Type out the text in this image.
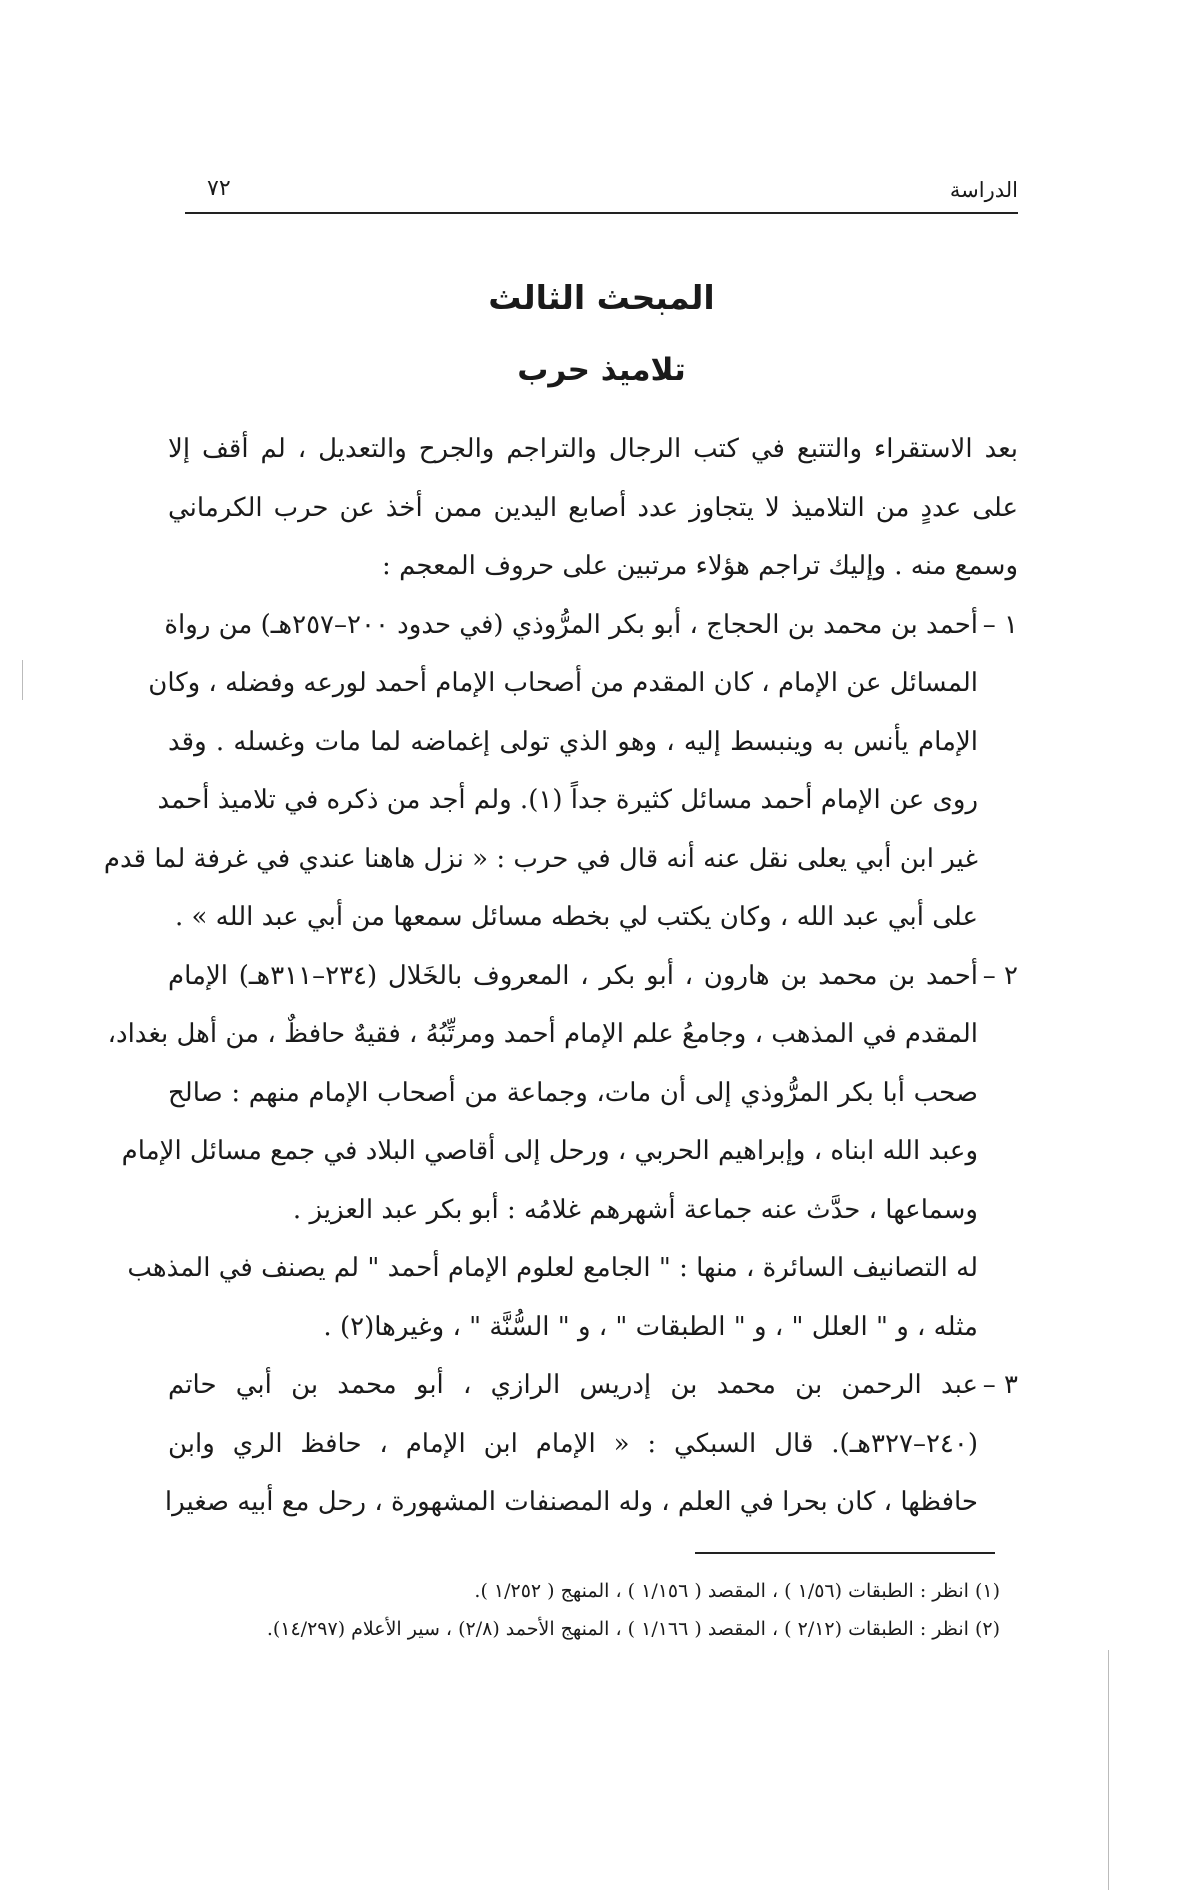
الدراسة
٧٢
المبحث الثالث
تلاميذ حرب
بعد الاستقراء والتتبع في كتب الرجال والتراجم والجرح والتعديل ، لم أقف إلا
على عددٍ من التلاميذ لا يتجاوز عدد أصابع اليدين ممن أخذ عن حرب الكرماني
وسمع منه . وإليك تراجم هؤلاء مرتبين على حروف المعجم :
١ –
أحمد بن محمد بن الحجاج ، أبو بكر المرُّوذي (في حدود ٢٠٠–٢٥٧هـ) من رواة
المسائل عن الإمام ، كان المقدم من أصحاب الإمام أحمد لورعه وفضله ، وكان
الإمام يأنس به وينبسط إليه ، وهو الذي تولى إغماضه لما مات وغسله . وقد
روى عن الإمام أحمد مسائل كثيرة جداً (١). ولم أجد من ذكره في تلاميذ أحمد
غير ابن أبي يعلى نقل عنه أنه قال في حرب : « نزل هاهنا عندي في غرفة لما قدم
على أبي عبد الله ، وكان يكتب لي بخطه مسائل سمعها من أبي عبد الله » .
٢ –
أحمد بن محمد بن هارون ، أبو بكر ، المعروف بالخَلال (٢٣٤–٣١١هـ) الإمام
المقدم في المذهب ، وجامعُ علم الإمام أحمد ومرتِّبُهُ ، فقيهٌ حافظٌ ، من أهل بغداد،
صحب أبا بكر المرُّوذي إلى أن مات، وجماعة من أصحاب الإمام منهم : صالح
وعبد الله ابناه ، وإبراهيم الحربي ، ورحل إلى أقاصي البلاد في جمع مسائل الإمام
وسماعها ، حدَّث عنه جماعة أشهرهم غلامُه : أبو بكر عبد العزيز .
له التصانيف السائرة ، منها : " الجامع لعلوم الإمام أحمد " لم يصنف في المذهب
مثله ، و " العلل " ، و " الطبقات " ، و " السُّنَّة " ، وغيرها(٢) .
٣ –
عبد الرحمن بن محمد بن إدريس الرازي ، أبو محمد بن أبي حاتم
(٢٤٠–٣٢٧هـ). قال السبكي : « الإمام ابن الإمام ، حافظ الري وابن
حافظها ، كان بحرا في العلم ، وله المصنفات المشهورة ، رحل مع أبيه صغيرا
(١) انظر : الطبقات (١/٥٦ ) ، المقصد ( ١/١٥٦ ) ، المنهج ( ١/٢٥٢ ).
(٢) انظر : الطبقات (٢/١٢ ) ، المقصد ( ١/١٦٦ ) ، المنهج الأحمد (٢/٨) ، سير الأعلام (١٤/٢٩٧).
